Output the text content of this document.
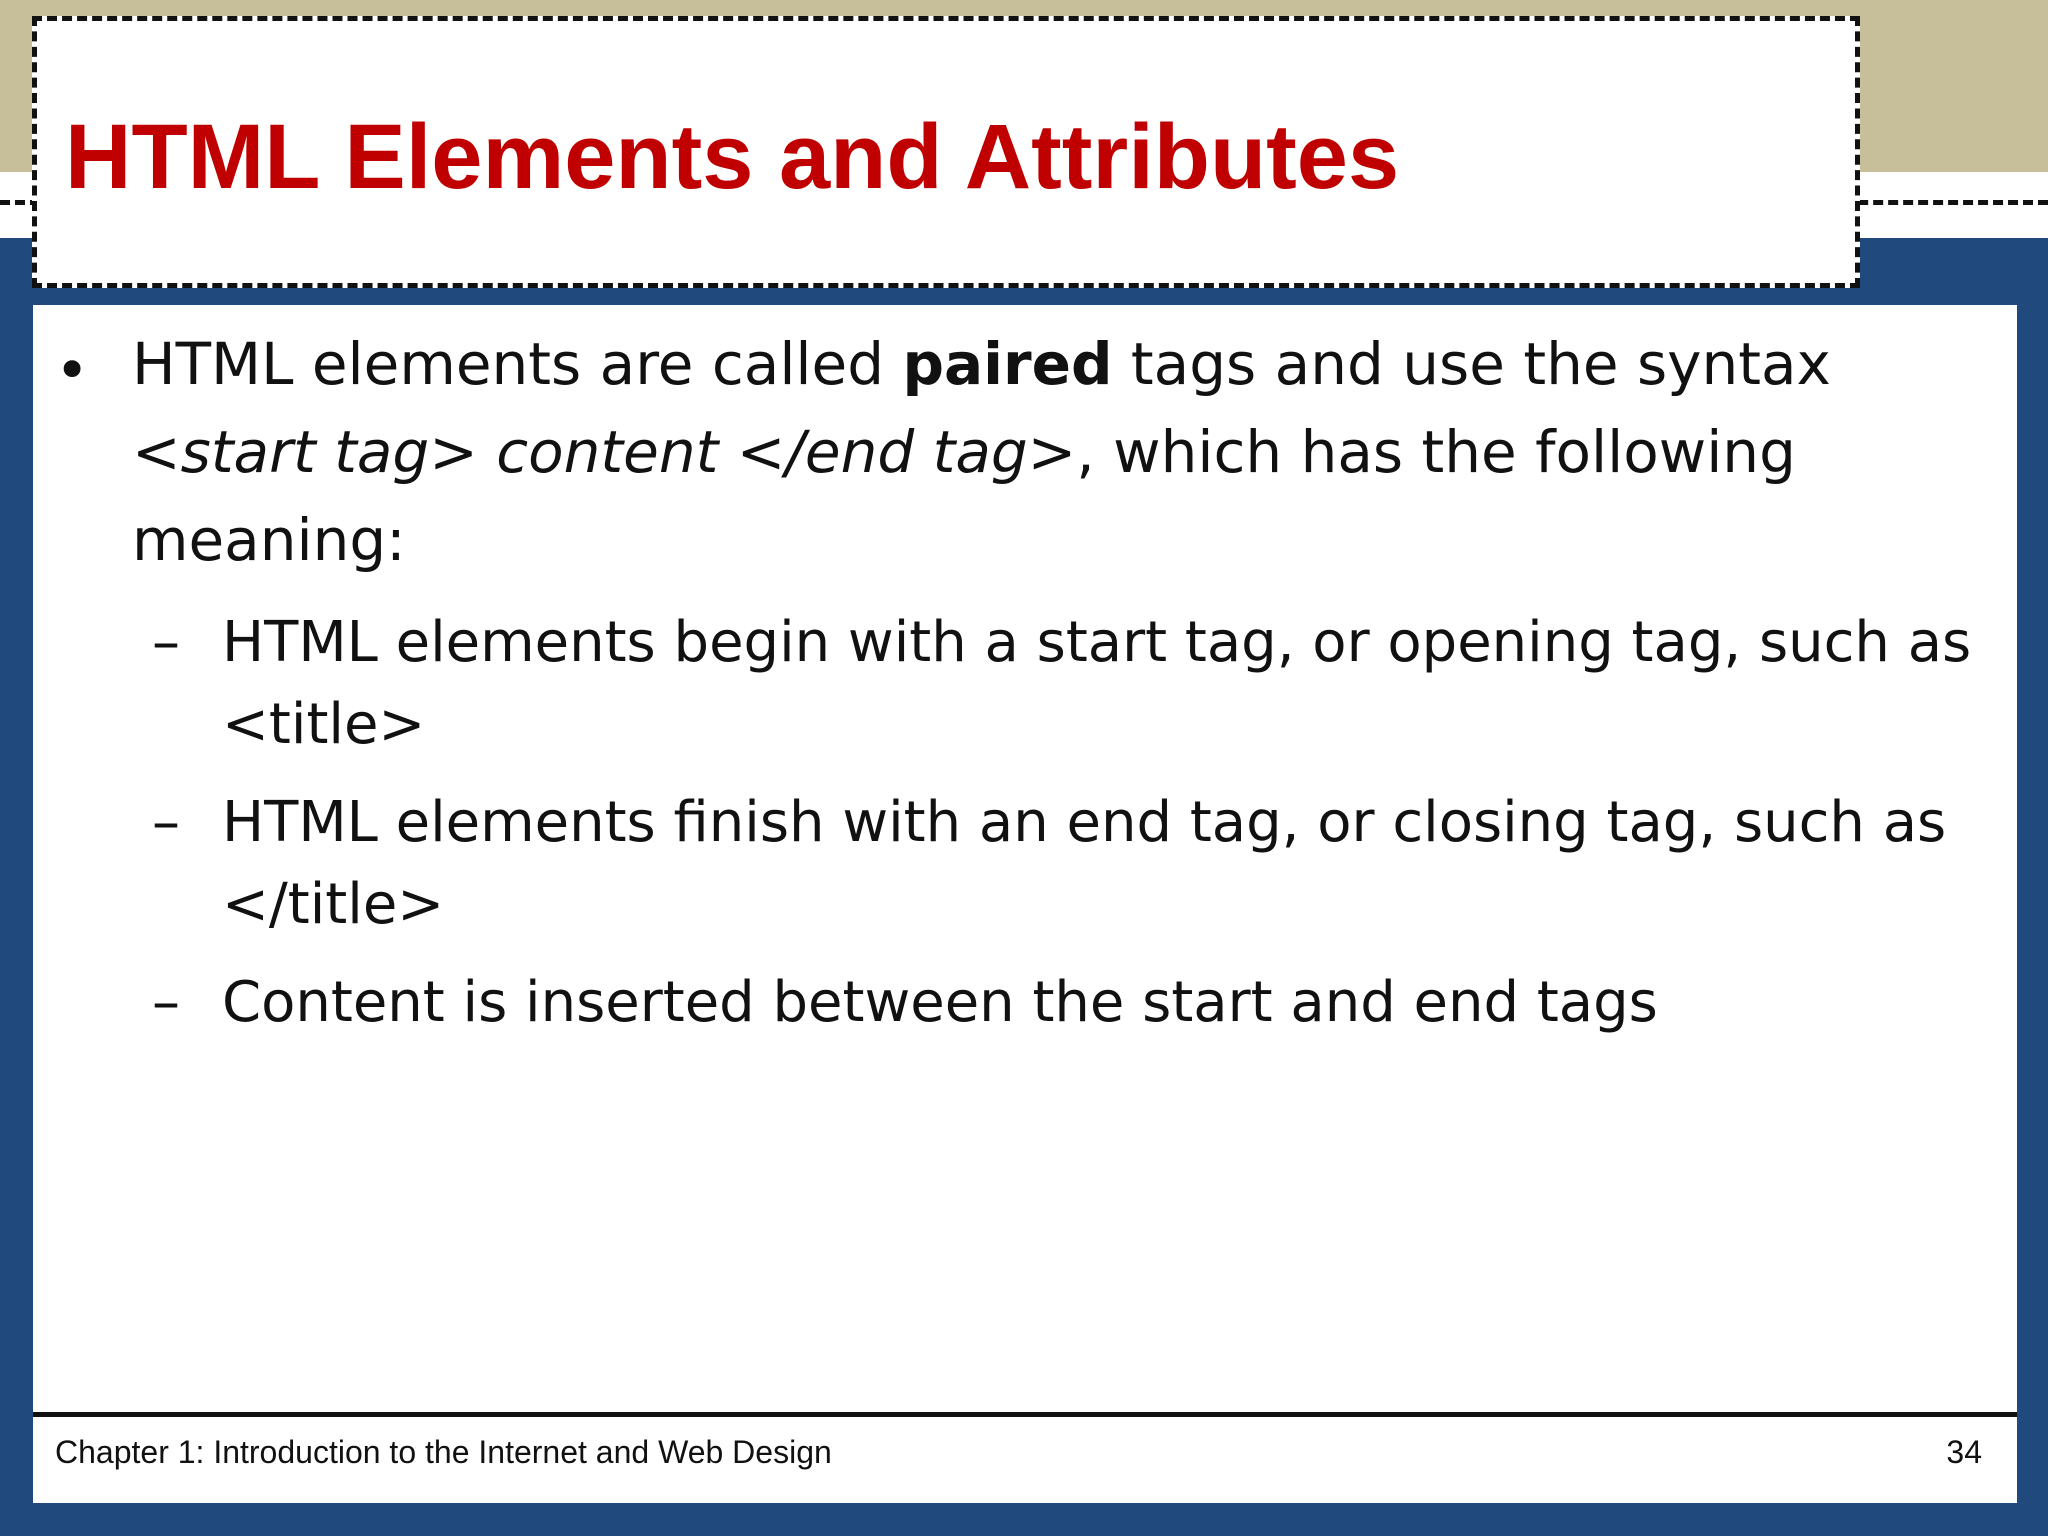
HTML Elements and Attributes
• HTML elements are called paired tags and use the syntax
<start tag> content </end tag>, which has the following
meaning:
– HTML elements begin with a start tag, or opening tag, such as
<title>
– HTML elements finish with an end tag, or closing tag, such as
</title>
– Content is inserted between the start and end tags
Chapter 1: Introduction to the Internet and Web Design	34
